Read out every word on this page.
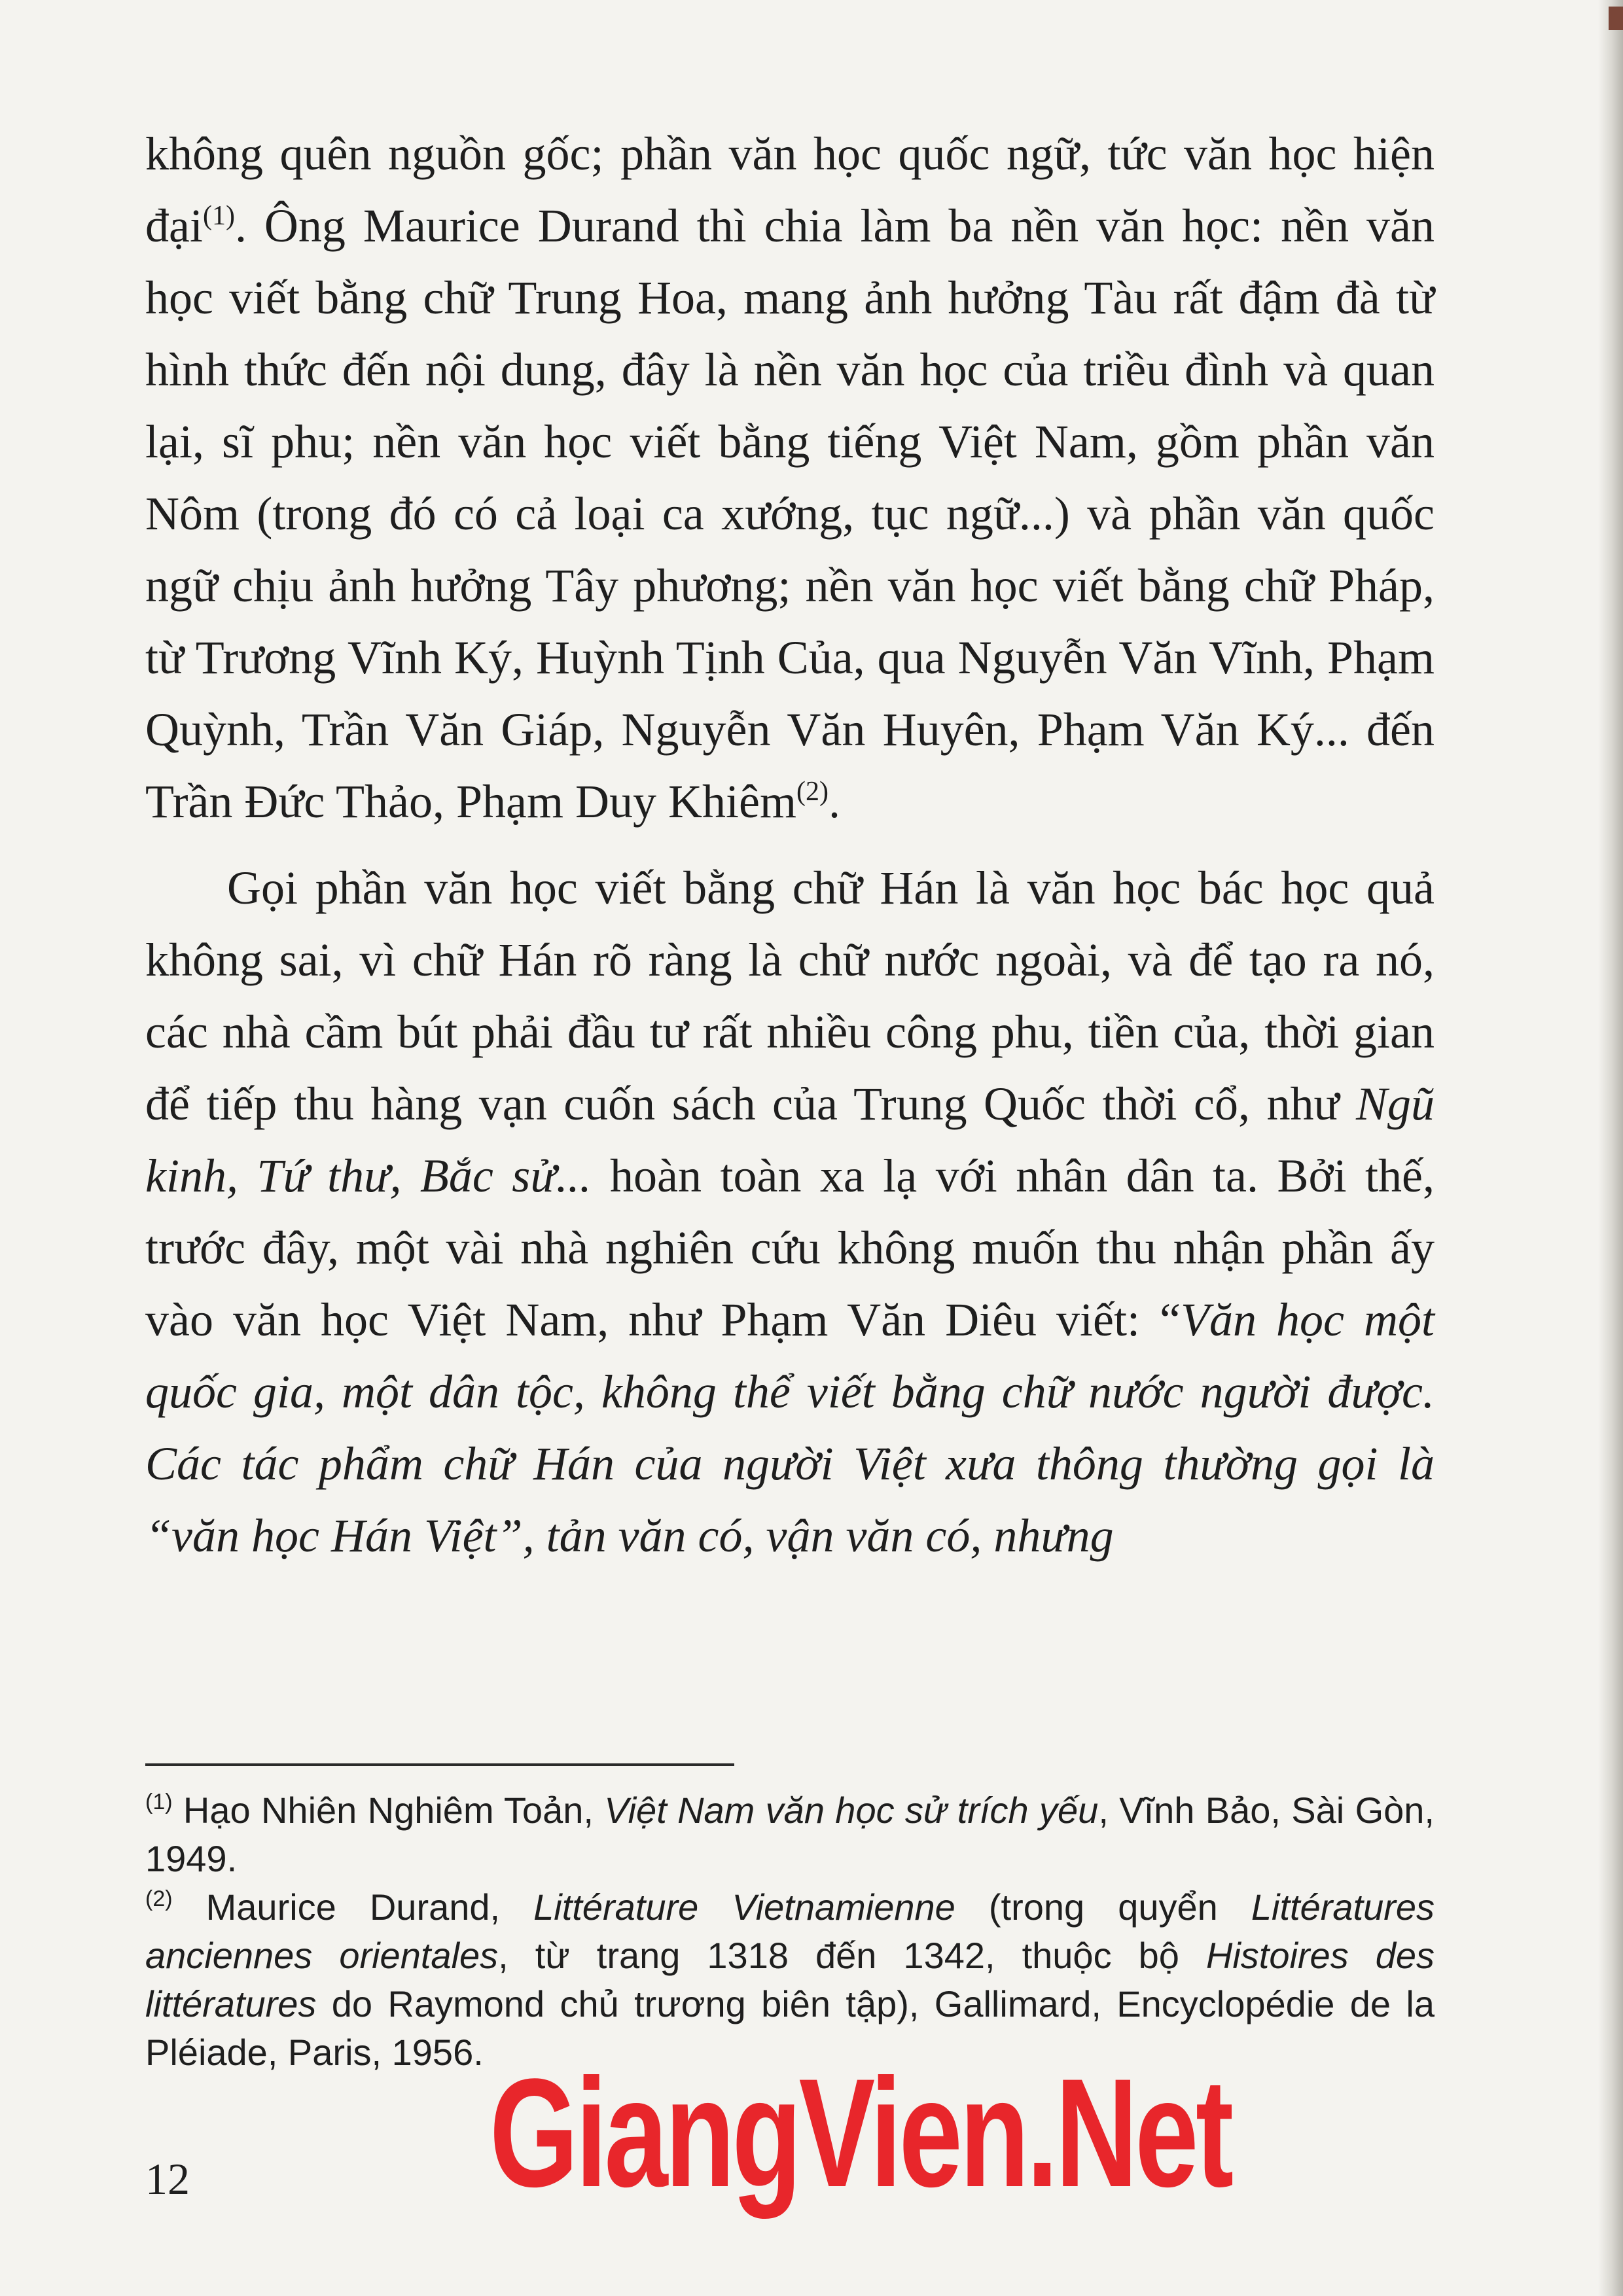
không quên nguồn gốc; phần văn học quốc ngữ, tức văn học hiện đại$^{(1)}$. Ông Maurice Durand thì chia làm ba nền văn học: nền văn học viết bằng chữ Trung Hoa, mang ảnh hưởng Tàu rất đậm đà từ hình thức đến nội dung, đây là nền văn học của triều đình và quan lại, sĩ phu; nền văn học viết bằng tiếng Việt Nam, gồm phần văn Nôm (trong đó có cả loại ca xướng, tục ngữ...) và phần văn quốc ngữ chịu ảnh hưởng Tây phương; nền văn học viết bằng chữ Pháp, từ Trương Vĩnh Ký, Huỳnh Tịnh Của, qua Nguyễn Văn Vĩnh, Phạm Quỳnh, Trần Văn Giáp, Nguyễn Văn Huyên, Phạm Văn Ký... đến Trần Đức Thảo, Phạm Duy Khiêm$^{(2)}$.

Gọi phần văn học viết bằng chữ Hán là văn học bác học quả không sai, vì chữ Hán rõ ràng là chữ nước ngoài, và để tạo ra nó, các nhà cầm bút phải đầu tư rất nhiều công phu, tiền của, thời gian để tiếp thu hàng vạn cuốn sách của Trung Quốc thời cổ, như Ngũ kinh, Tứ thư, Bắc sử... hoàn toàn xa lạ với nhân dân ta. Bởi thế, trước đây, một vài nhà nghiên cứu không muốn thu nhận phần ấy vào văn học Việt Nam, như Phạm Văn Diêu viết: “Văn học một quốc gia, một dân tộc, không thể viết bằng chữ nước người được. Các tác phẩm chữ Hán của người Việt xưa thông thường gọi là “văn học Hán Việt”, tản văn có, vận văn có, nhưng

$^{(1)}$ Hạo Nhiên Nghiêm Toản, Việt Nam văn học sử trích yếu, Vĩnh Bảo, Sài Gòn, 1949.

$^{(2)}$ Maurice Durand, Littérature Vietnamienne (trong quyển Littératures anciennes orientales, từ trang 1318 đến 1342, thuộc bộ Histoires des littératures do Raymond chủ trương biên tập), Gallimard, Encyclopédie de la Pléiade, Paris, 1956.

12 GiangVien.Net
